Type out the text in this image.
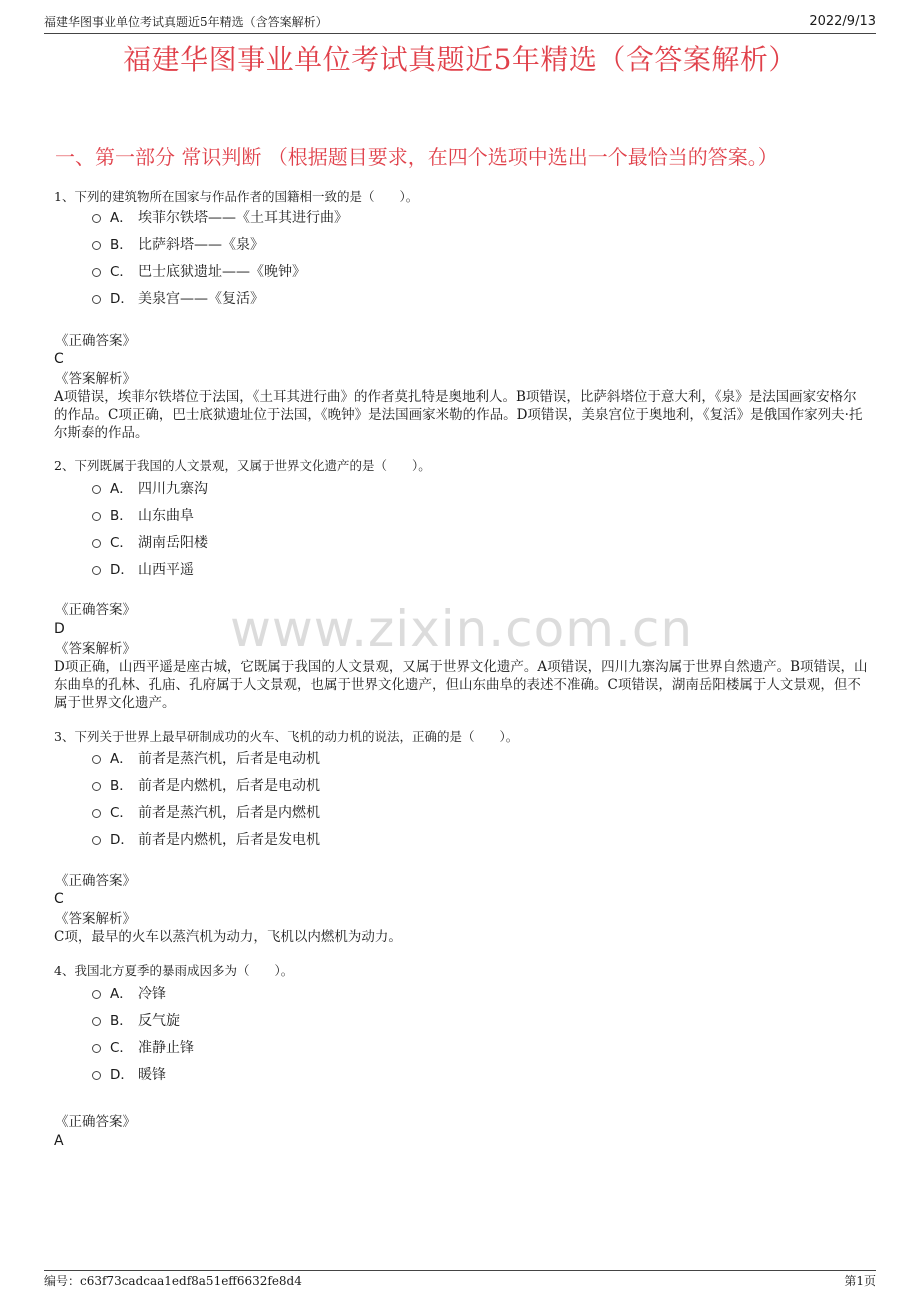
福建华图事业单位考试真题近5年精选（含答案解析）	2022/9/13
福建华图事业单位考试真题近5年精选（含答案解析）
一、第一部分 常识判断 （根据题目要求，在四个选项中选出一个最恰当的答案。）
www.zixin.com.cn
1、下列的建筑物所在国家与作品作者的国籍相一致的是（　　）。
A． 埃菲尔铁塔——《土耳其进行曲》
B． 比萨斜塔——《泉》
C． 巴士底狱遗址——《晚钟》
D． 美泉宫——《复活》
《正确答案》
C
《答案解析》
A项错误，埃菲尔铁塔位于法国，《土耳其进行曲》的作者莫扎特是奥地利人。B项错误，比萨斜塔位于意大利，《泉》是法国画家安格尔的作品。C项正确，巴士底狱遗址位于法国，《晚钟》是法国画家米勒的作品。D项错误，美泉宫位于奥地利，《复活》是俄国作家列夫·托尔斯泰的作品。
2、下列既属于我国的人文景观，又属于世界文化遗产的是（　　）。
A． 四川九寨沟
B． 山东曲阜
C． 湖南岳阳楼
D． 山西平遥
《正确答案》
D
《答案解析》
D项正确，山西平遥是座古城，它既属于我国的人文景观，又属于世界文化遗产。A项错误，四川九寨沟属于世界自然遗产。B项错误，山东曲阜的孔林、孔庙、孔府属于人文景观，也属于世界文化遗产，但山东曲阜的表述不准确。C项错误，湖南岳阳楼属于人文景观，但不属于世界文化遗产。
3、下列关于世界上最早研制成功的火车、飞机的动力机的说法，正确的是（　　）。
A． 前者是蒸汽机，后者是电动机
B． 前者是内燃机，后者是电动机
C． 前者是蒸汽机，后者是内燃机
D． 前者是内燃机，后者是发电机
《正确答案》
C
《答案解析》
C项，最早的火车以蒸汽机为动力，飞机以内燃机为动力。
4、我国北方夏季的暴雨成因多为（　　）。
A． 冷锋
B． 反气旋
C． 准静止锋
D． 暖锋
《正确答案》
A
编号：c63f73cadcaa1edf8a51eff6632fe8d4	第1页
